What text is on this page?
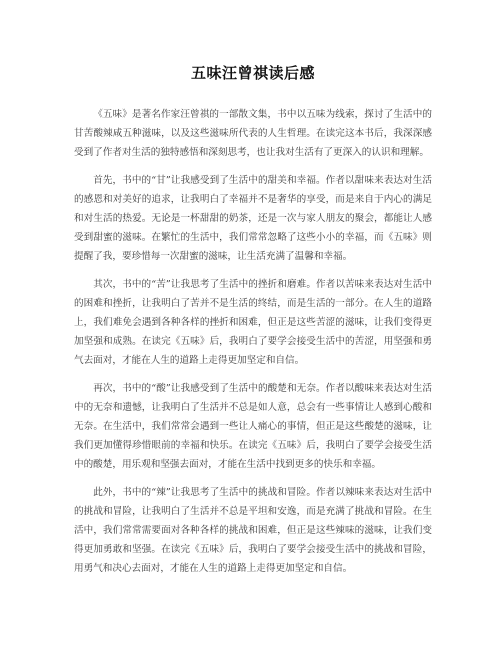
五味汪曾祺读后感

《五味》是著名作家汪曾祺的一部散文集，书中以五味为线索，探讨了生活中的甘苦酸辣咸五种滋味，以及这些滋味所代表的人生哲理。在读完这本书后，我深深感受到了作者对生活的独特感悟和深刻思考，也让我对生活有了更深入的认识和理解。

首先，书中的“甘”让我感受到了生活中的甜美和幸福。作者以甜味来表达对生活的感恩和对美好的追求，让我明白了幸福并不是奢华的享受，而是来自于内心的满足和对生活的热爱。无论是一杯甜甜的奶茶，还是一次与家人朋友的聚会，都能让人感受到甜蜜的滋味。在繁忙的生活中，我们常常忽略了这些小小的幸福，而《五味》则提醒了我，要珍惜每一次甜蜜的滋味，让生活充满了温馨和幸福。

其次，书中的“苦”让我思考了生活中的挫折和磨难。作者以苦味来表达对生活中的困难和挫折，让我明白了苦并不是生活的终结，而是生活的一部分。在人生的道路上，我们难免会遇到各种各样的挫折和困难，但正是这些苦涩的滋味，让我们变得更加坚强和成熟。在读完《五味》后，我明白了要学会接受生活中的苦涩，用坚强和勇气去面对，才能在人生的道路上走得更加坚定和自信。

再次，书中的“酸”让我感受到了生活中的酸楚和无奈。作者以酸味来表达对生活中的无奈和遗憾，让我明白了生活并不总是如人意，总会有一些事情让人感到心酸和无奈。在生活中，我们常常会遇到一些让人痛心的事情，但正是这些酸楚的滋味，让我们更加懂得珍惜眼前的幸福和快乐。在读完《五味》后，我明白了要学会接受生活中的酸楚，用乐观和坚强去面对，才能在生活中找到更多的快乐和幸福。

此外，书中的“辣”让我思考了生活中的挑战和冒险。作者以辣味来表达对生活中的挑战和冒险，让我明白了生活并不总是平坦和安逸，而是充满了挑战和冒险。在生活中，我们常常需要面对各种各样的挑战和困难，但正是这些辣味的滋味，让我们变得更加勇敢和坚强。在读完《五味》后，我明白了要学会接受生活中的挑战和冒险，用勇气和决心去面对，才能在人生的道路上走得更加坚定和自信。
